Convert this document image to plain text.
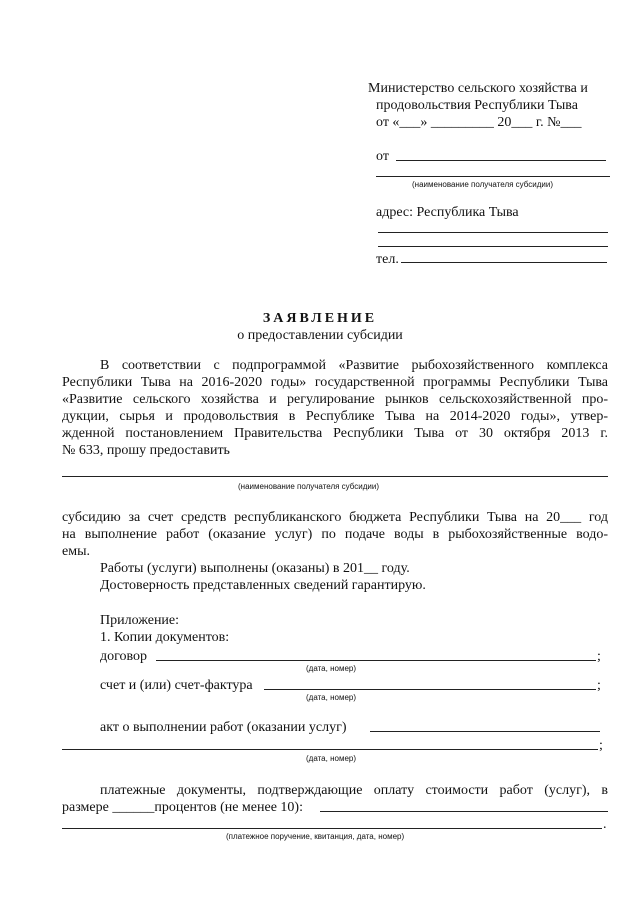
Министерство сельского хозяйства и
продовольствия Республики Тыва
от «___» _________ 20___ г. №___
от
(наименование получателя субсидии)
адрес: Республика Тыва
тел.
ЗАЯВЛЕНИЕ
о предоставлении субсидии
В соответствии с подпрограммой «Развитие рыбохозяйственного комплекса
Республики Тыва на 2016-2020 годы» государственной программы Республики Тыва
«Развитие сельского хозяйства и регулирование рынков сельскохозяйственной про-
дукции, сырья и продовольствия в Республике Тыва на 2014-2020 годы», утвер-
жденной постановлением Правительства Республики Тыва от 30 октября 2013 г.
№ 633, прошу предоставить
(наименование получателя субсидии)
субсидию за счет средств республиканского бюджета Республики Тыва на 20___ год
на выполнение работ (оказание услуг) по подаче воды в рыбохозяйственные водо-
емы.
Работы (услуги) выполнены (оказаны) в 201__ году.
Достоверность представленных сведений гарантирую.
Приложение:
1. Копии документов:
договор	;
(дата, номер)
счет и (или) счет-фактура	;
(дата, номер)
акт о выполнении работ (оказании услуг)
;
(дата, номер)
платежные документы, подтверждающие оплату стоимости работ (услуг), в
размере ______процентов (не менее 10):
.
(платежное поручение, квитанция, дата, номер)
